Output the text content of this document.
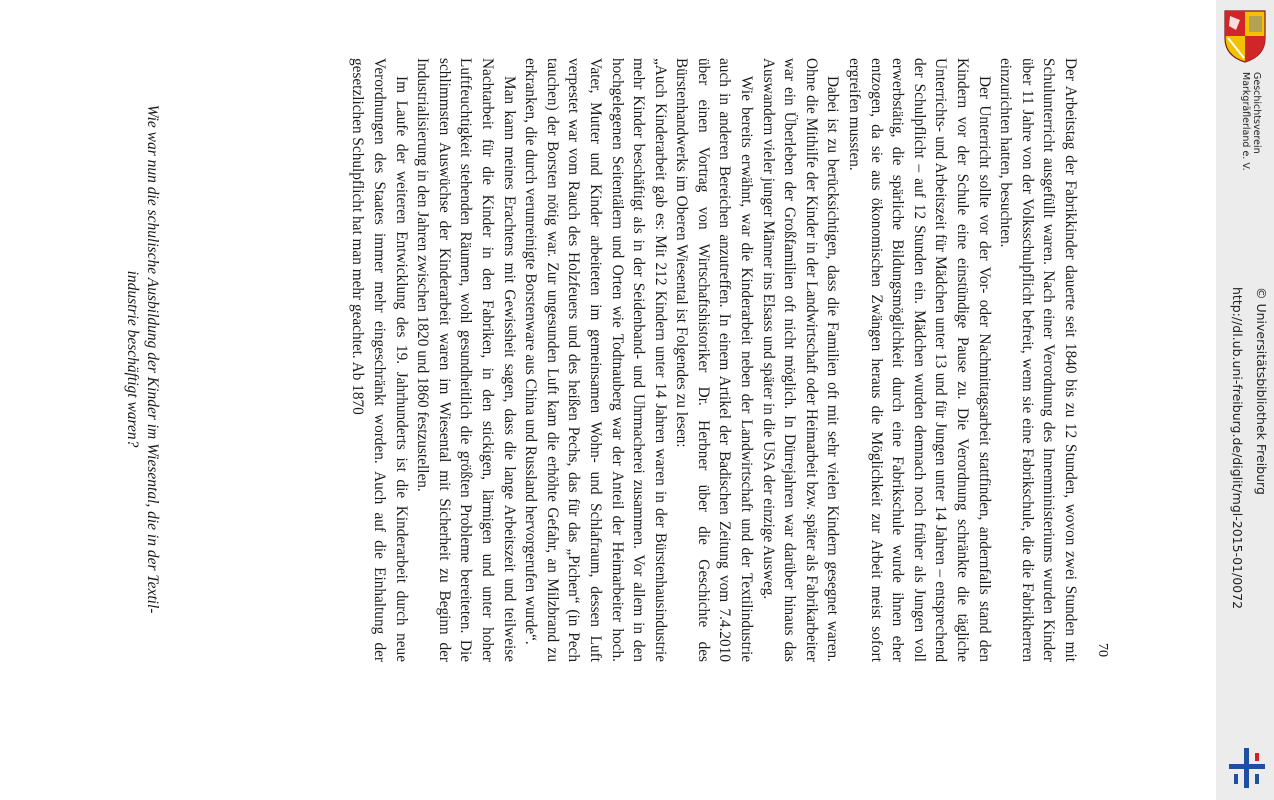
Wie war nun die schulische Ausbildung der Kinder im Wiesental, die in der Textil-
industrie beschäftigt waren?	Der Arbeitstag der Fabrikkinder dauerte seit 1840 bis zu 12 Stunden, wovon zwei Stunden mit Schulunterricht ausgefüllt waren. Nach einer Verordnung des Innenministeriums wurden Kinder über 11 Jahre von der Volksschulpflicht befreit, wenn sie eine Fabrikschule, die die Fabrikherren einzurichten hatten, besuchten.

Der Unterricht sollte vor der Vor- oder Nachmittagsarbeit stattfinden, andernfalls stand den Kindern vor der Schule eine einstündige Pause zu. Die Verordnung schränkte die tägliche Unterrichts- und Arbeitszeit für Mädchen unter 13 und für Jungen unter 14 Jahren – entsprechend der Schulpflicht – auf 12 Stunden ein. Mädchen wurden demnach noch früher als Jungen voll erwerbstätig, die spärliche Bildungsmöglichkeit durch eine Fabrikschule wurde ihnen eher entzogen, da sie aus ökonomischen Zwängen heraus die Möglichkeit zur Arbeit meist sofort ergreifen mussten.

Dabei ist zu berücksichtigen, dass die Familien oft mit sehr vielen Kindern gesegnet waren. Ohne die Mithilfe der Kinder in der Landwirtschaft oder Heimarbeit bzw. später als Fabrikarbeiter war ein Überleben der Großfamilien oft nicht möglich. In Dürrejahren war darüber hinaus das Auswandern vieler junger Männer ins Elsass und später in die USA der einzige Ausweg.

Wie bereits erwähnt, war die Kinderarbeit neben der Landwirtschaft und der Textilindustrie auch in anderen Bereichen anzutreffen. In einem Artikel der Badischen Zeitung vom 7.4.2010 über einen Vortrag von Wirtschaftshistoriker Dr. Herbner über die Geschichte des Bürstenhandwerks im Oberen Wiesental ist Folgendes zu lesen:

„Auch Kinderarbeit gab es: Mit 212 Kindern unter 14 Jahren waren in der Bürstenhausindustrie mehr Kinder beschäftigt als in der Seidenband- und Uhrmacherei zusammen. Vor allem in den hochgelegenen Seitentälern und Orten wie Todtnauberg war der Anteil der Heimarbeiter hoch. Vater, Mutter und Kinder arbeiteten im gemeinsamen Wohn- und Schlafraum, dessen Luft verpestet war vom Rauch des Holzfeuers und des heißen Pechs, das für das „Pichen“ (in Pech tauchen) der Borsten nötig war. Zur ungesunden Luft kam die erhöhte Gefahr, an Milzbrand zu erkranken, die durch verunreinigte Borstenware aus China und Russland hervorgerufen wurde“.

Man kann meines Erachtens mit Gewissheit sagen, dass die lange Arbeitszeit und teilweise Nachtarbeit für die Kinder in den Fabriken, in den stickigen, lärmigen und unter hoher Luftfeuchtigkeit stehenden Räumen, wohl gesundheitlich die größten Probleme bereiteten. Die schlimmsten Auswüchse der Kinderarbeit waren im Wiesental mit Sicherheit zu Beginn der Industrialisierung in den Jahren zwischen 1820 und 1860 festzustellen.

Im Laufe der weiteren Entwicklung des 19. Jahrhunderts ist die Kinderarbeit durch neue Verordnungen des Staates immer mehr eingeschränkt worden. Auch auf die Einhaltung der gesetzlichen Schulpflicht hat man mehr geachtet. Ab 1870

70
Geschichtsverein
Markgräflerland e. V.
http://dl.ub.uni-freiburg.de/diglit/mgl-2015-01/0072 © Universitätsbibliothek Freiburg
